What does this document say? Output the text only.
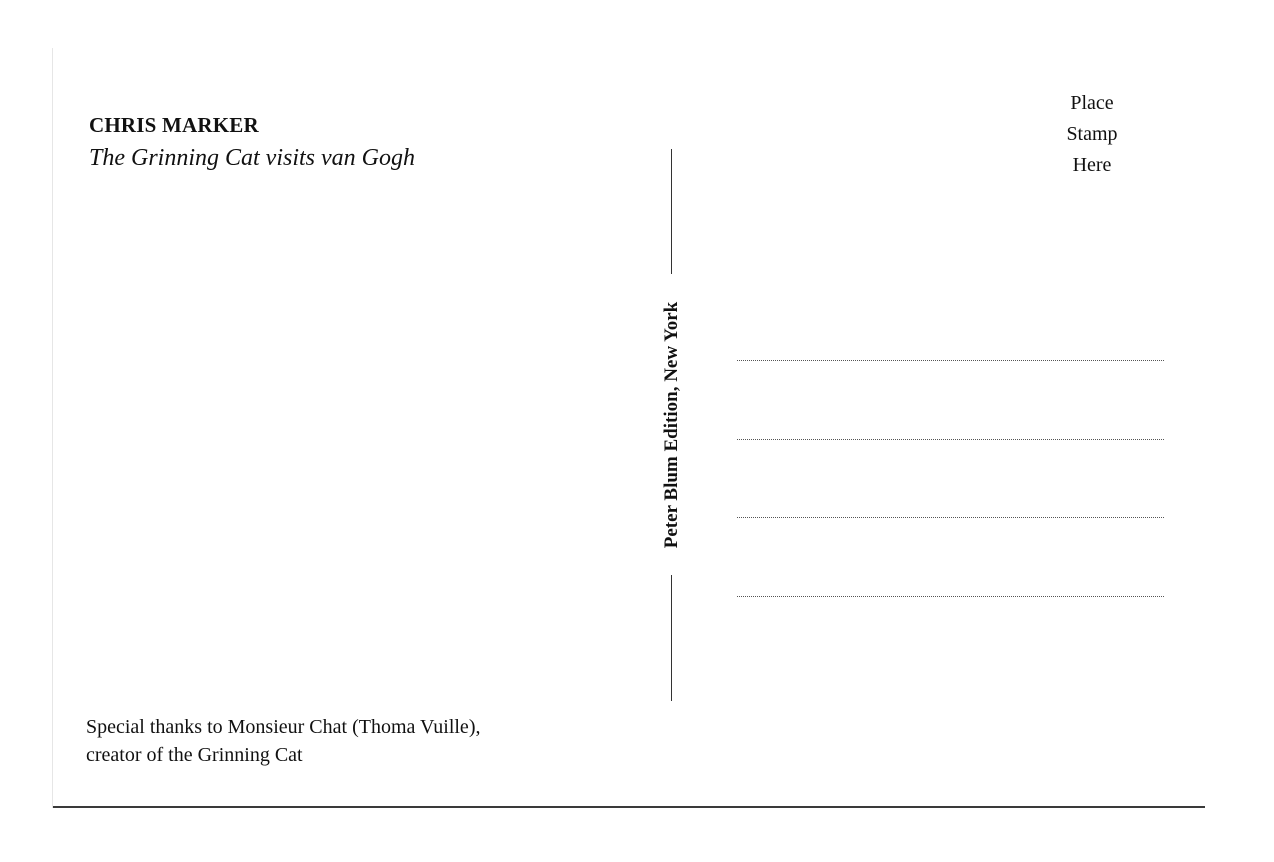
CHRIS MARKER
The Grinning Cat visits van Gogh
Special thanks to Monsieur Chat (Thoma Vuille),
creator of the Grinning Cat
Peter Blum Edition, New York
Place
Stamp
Here
